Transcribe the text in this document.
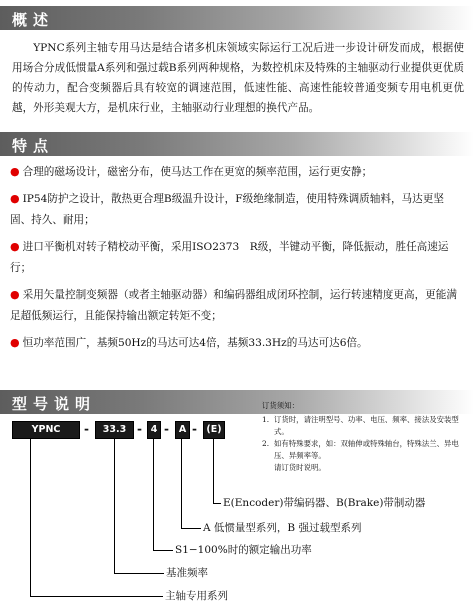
概述
YPNC系列主轴专用马达是结合诸多机床领域实际运行工况后进一步设计研发而成，根据使用场合分成低惯量A系列和强过载B系列两种规格，为数控机床及特殊的主轴驱动行业提供更优质的传动力，配合变频器后具有较宽的调速范围，低速性能、高速性能较普通变频专用电机更优越，外形美观大方，是机床行业，主轴驱动行业理想的换代产品。
特点
● 合理的磁场设计，磁密分布，使马达工作在更宽的频率范围，运行更安静；
● IP54防护之设计，散热更合理B级温升设计，F级绝缘制造，使用特殊调质轴料，马达更坚固、持久、耐用；
● 进口平衡机对转子精校动平衡，采用ISO2373　R级，半键动平衡，降低振动，胜任高速运行；
● 采用矢量控制变频器（或者主轴驱动器）和编码器组成闭环控制，运行转速精度更高，更能满足超低频运行，且能保持输出额定转矩不变；
● 恒功率范围广，基频50Hz的马达可达4倍，基频33.3Hz的马达可达6倍。
型号说明	订货须知：
1. 订货时，请注明型号、功率、电压、频率、接法及安装型式。
2. 如有特殊要求，如：双轴伸或特殊轴台，特殊法兰、异电压、异频率等。
请订货时说明。
YPNC	-	33.3 - 4 -	A - (E)
E(Encoder)带编码器、B(Brake)带制动器
A 低惯量型系列，B 强过载型系列
S1−100%时的额定输出功率
基准频率
主轴专用系列
